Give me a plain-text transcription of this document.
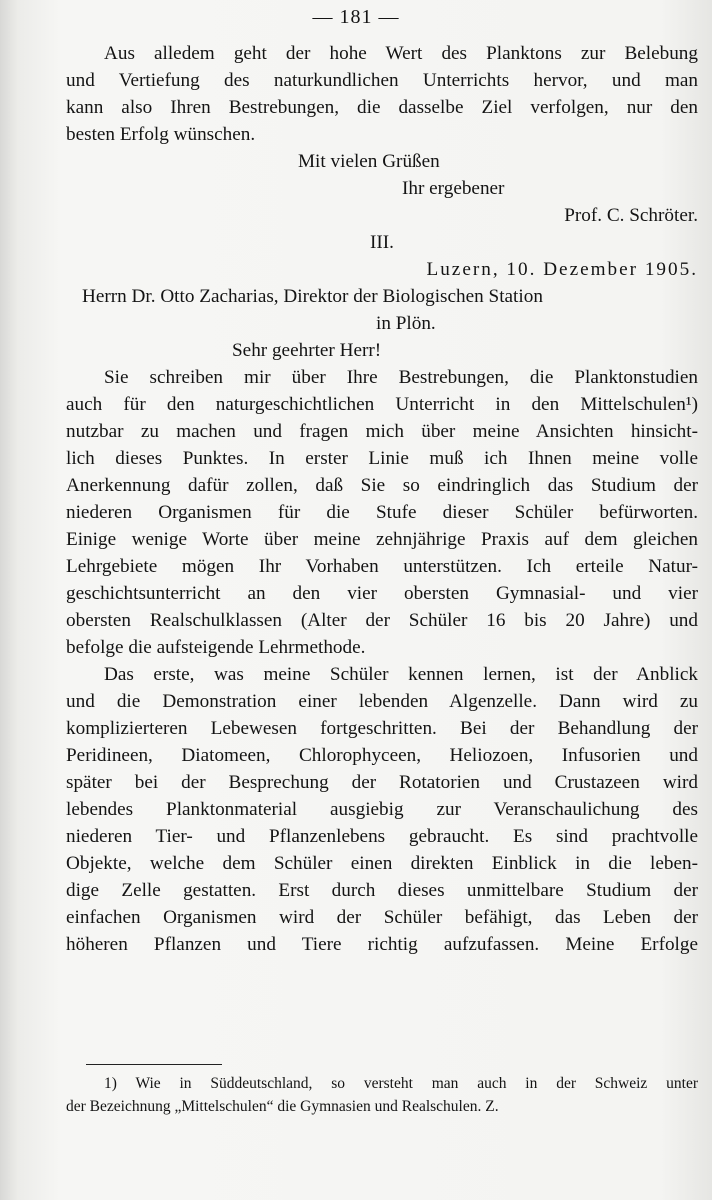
— 181 —
Aus alledem geht der hohe Wert des Planktons zur Belebung
und Vertiefung des naturkundlichen Unterrichts hervor, und man
kann also Ihren Bestrebungen, die dasselbe Ziel verfolgen, nur den
besten Erfolg wünschen.
Mit vielen Grüßen
Ihr ergebener
Prof. C. Schröter.
III.
Luzern, 10. Dezember 1905.
Herrn Dr. Otto Zacharias, Direktor der Biologischen Station
in Plön.
Sehr geehrter Herr!
Sie schreiben mir über Ihre Bestrebungen, die Planktonstudien
auch für den naturgeschichtlichen Unterricht in den Mittelschulen¹)
nutzbar zu machen und fragen mich über meine Ansichten hinsicht-
lich dieses Punktes. In erster Linie muß ich Ihnen meine volle
Anerkennung dafür zollen, daß Sie so eindringlich das Studium der
niederen Organismen für die Stufe dieser Schüler befürworten.
Einige wenige Worte über meine zehnjährige Praxis auf dem gleichen
Lehrgebiete mögen Ihr Vorhaben unterstützen. Ich erteile Natur-
geschichtsunterricht an den vier obersten Gymnasial- und vier
obersten Realschulklassen (Alter der Schüler 16 bis 20 Jahre) und
befolge die aufsteigende Lehrmethode.
Das erste, was meine Schüler kennen lernen, ist der Anblick
und die Demonstration einer lebenden Algenzelle. Dann wird zu
komplizierteren Lebewesen fortgeschritten. Bei der Behandlung der
Peridineen, Diatomeen, Chlorophyceen, Heliozoen, Infusorien und
später bei der Besprechung der Rotatorien und Crustazeen wird
lebendes Planktonmaterial ausgiebig zur Veranschaulichung des
niederen Tier- und Pflanzenlebens gebraucht. Es sind prachtvolle
Objekte, welche dem Schüler einen direkten Einblick in die leben-
dige Zelle gestatten. Erst durch dieses unmittelbare Studium der
einfachen Organismen wird der Schüler befähigt, das Leben der
höheren Pflanzen und Tiere richtig aufzufassen. Meine Erfolge
1) Wie in Süddeutschland, so versteht man auch in der Schweiz unter
der Bezeichnung „Mittelschulen“ die Gymnasien und Realschulen. Z.
